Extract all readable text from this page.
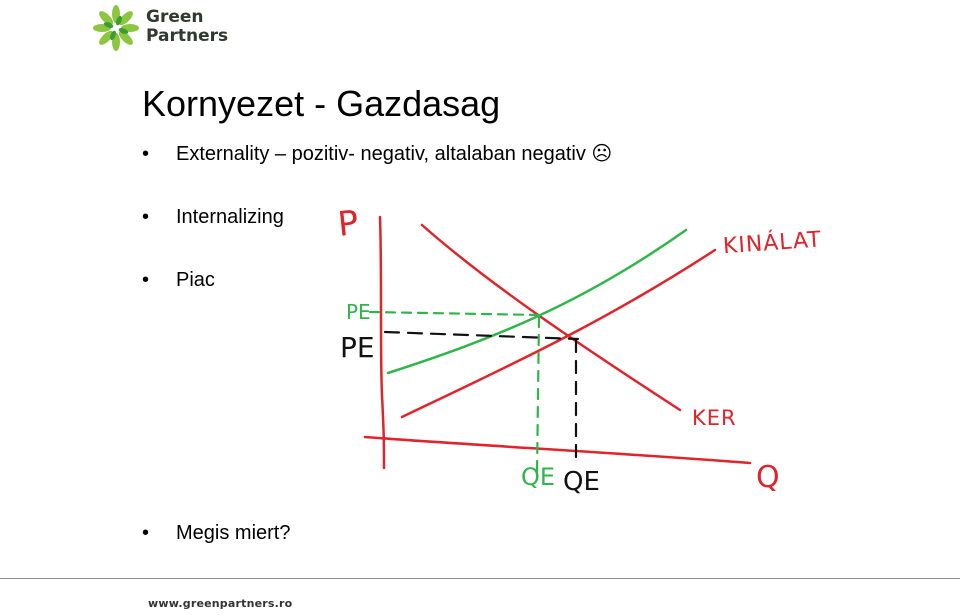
Green
Partners
Kornyezet - Gazdasag
• Externality – pozitiv- negativ, altalaban negativ ☹
• Internalizing
• Piac
• Megis miert?
P
Q
KINÁLAT
KER
PE
PE
QE QE
www.greenpartners.ro
